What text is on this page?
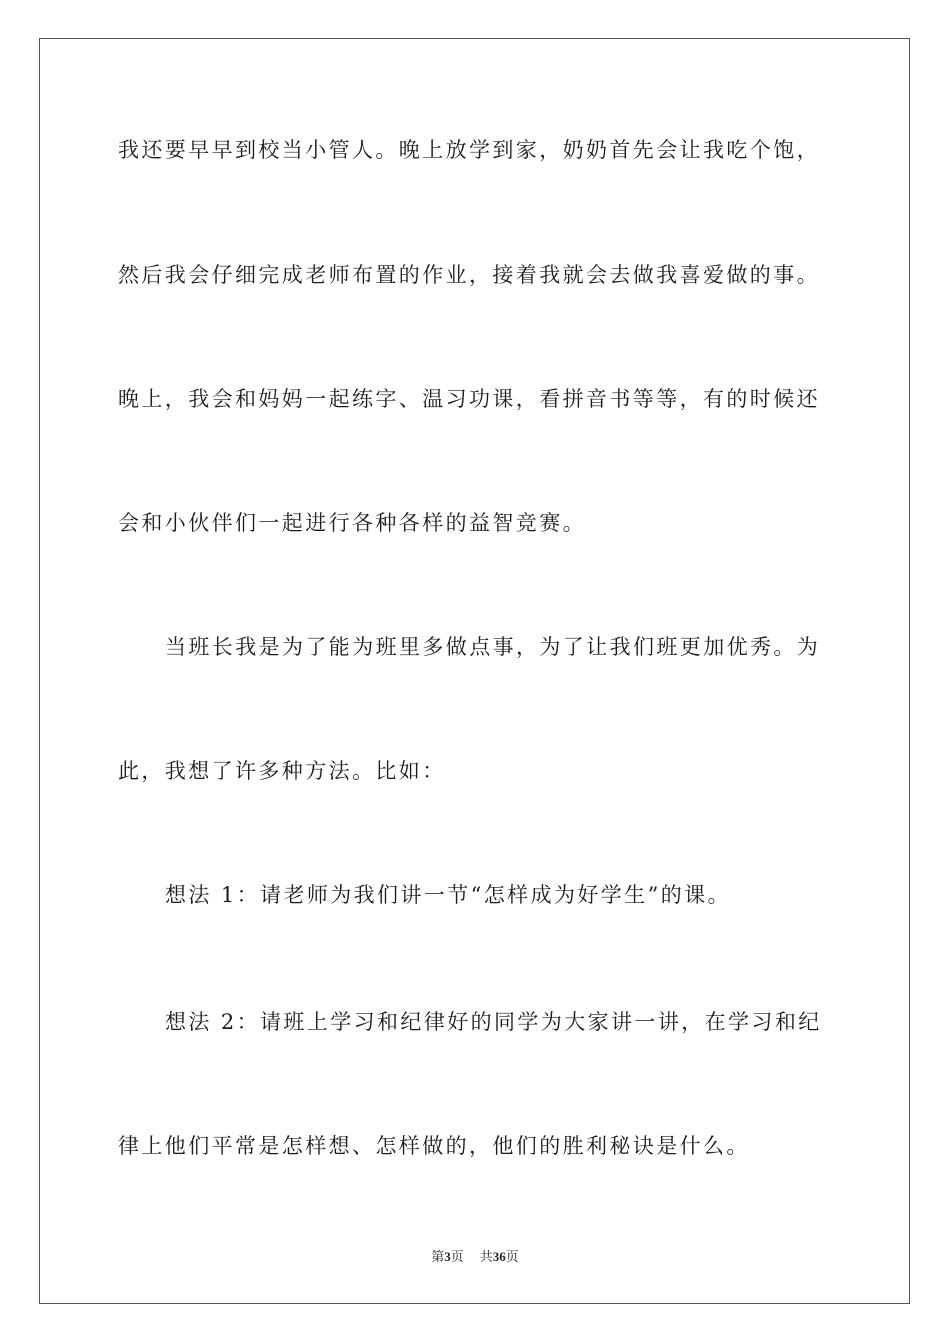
我还要早早到校当小管人。晚上放学到家，奶奶首先会让我吃个饱，
然后我会仔细完成老师布置的作业，接着我就会去做我喜爱做的事。
晚上，我会和妈妈一起练字、温习功课，看拼音书等等，有的时候还
会和小伙伴们一起进行各种各样的益智竞赛。
当班长我是为了能为班里多做点事，为了让我们班更加优秀。为
此，我想了许多种方法。比如：
想法 1：请老师为我们讲一节“怎样成为好学生”的课。
想法 2：请班上学习和纪律好的同学为大家讲一讲，在学习和纪
律上他们平常是怎样想、怎样做的，他们的胜利秘诀是什么。
第3页 共36页
